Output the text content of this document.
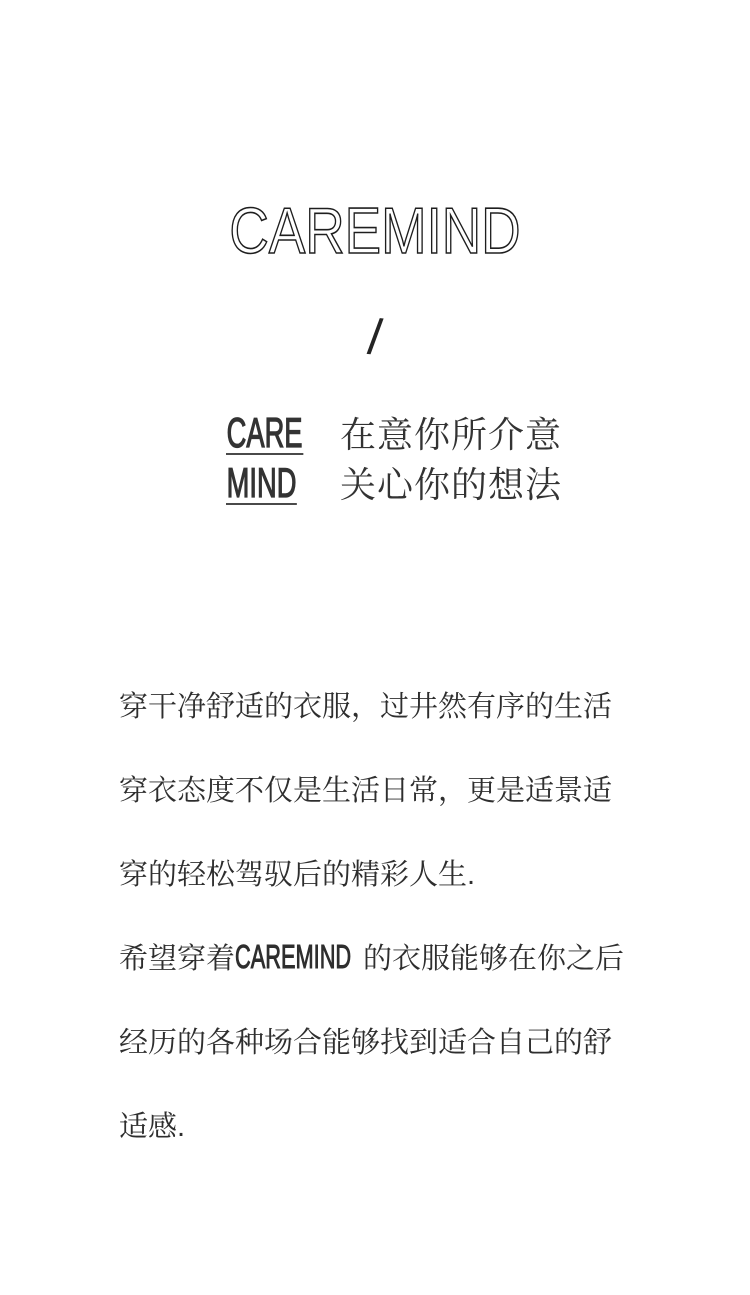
CAREMIND
/
CARE 在意你所介意
MIND 关心你的想法

穿干净舒适的衣服，过井然有序的生活

穿衣态度不仅是生活日常，更是适景适

穿的轻松驾驭后的精彩人生.

希望穿着CAREMIND 的衣服能够在你之后

经历的各种场合能够找到适合自己的舒

适感.
